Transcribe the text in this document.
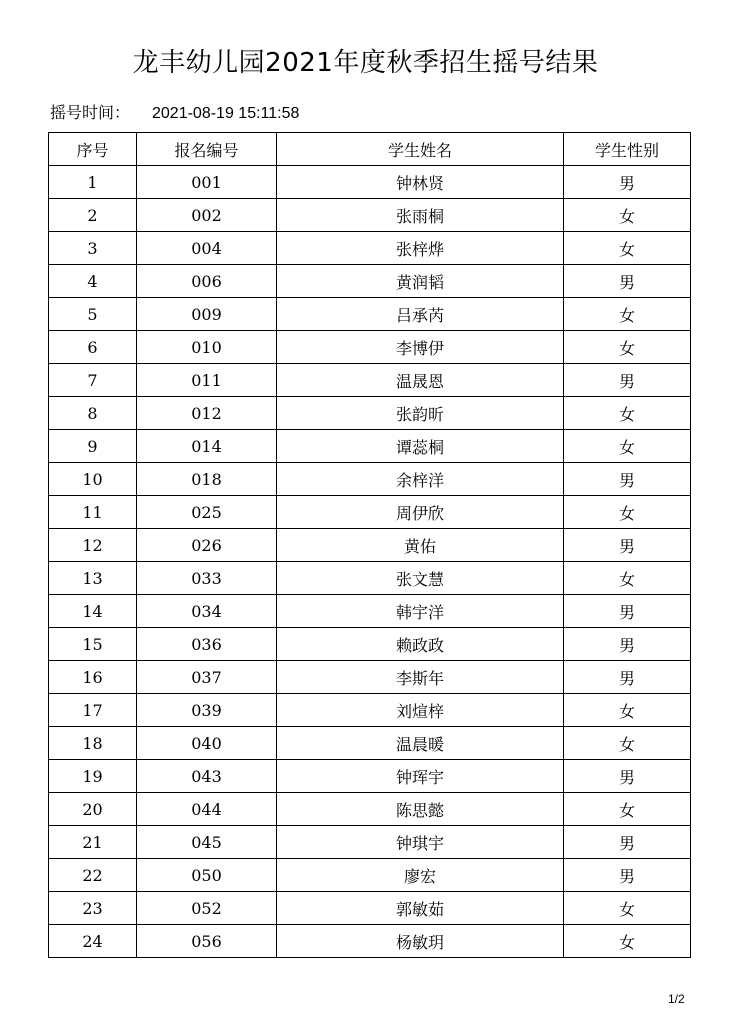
龙丰幼儿园2021年度秋季招生摇号结果
摇号时间： 2021-08-19 15:11:58
序号	报名编号	学生姓名	学生性别
1	001	钟林贤	男
2	002	张雨桐	女
3	004	张梓烨	女
4	006	黄润韬	男
5	009	吕承芮	女
6	010	李博伊	女
7	011	温晟恩	男
8	012	张韵昕	女
9	014	谭蕊桐	女
10	018	余梓洋	男
11	025	周伊欣	女
12	026	黄佑	男
13	033	张文慧	女
14	034	韩宇洋	男
15	036	赖政政	男
16	037	李斯年	男
17	039	刘煊梓	女
18	040	温晨暖	女
19	043	钟珲宇	男
20	044	陈思懿	女
21	045	钟琪宇	男
22	050	廖宏	男
23	052	郭敏茹	女
24	056	杨敏玥	女
1/2
